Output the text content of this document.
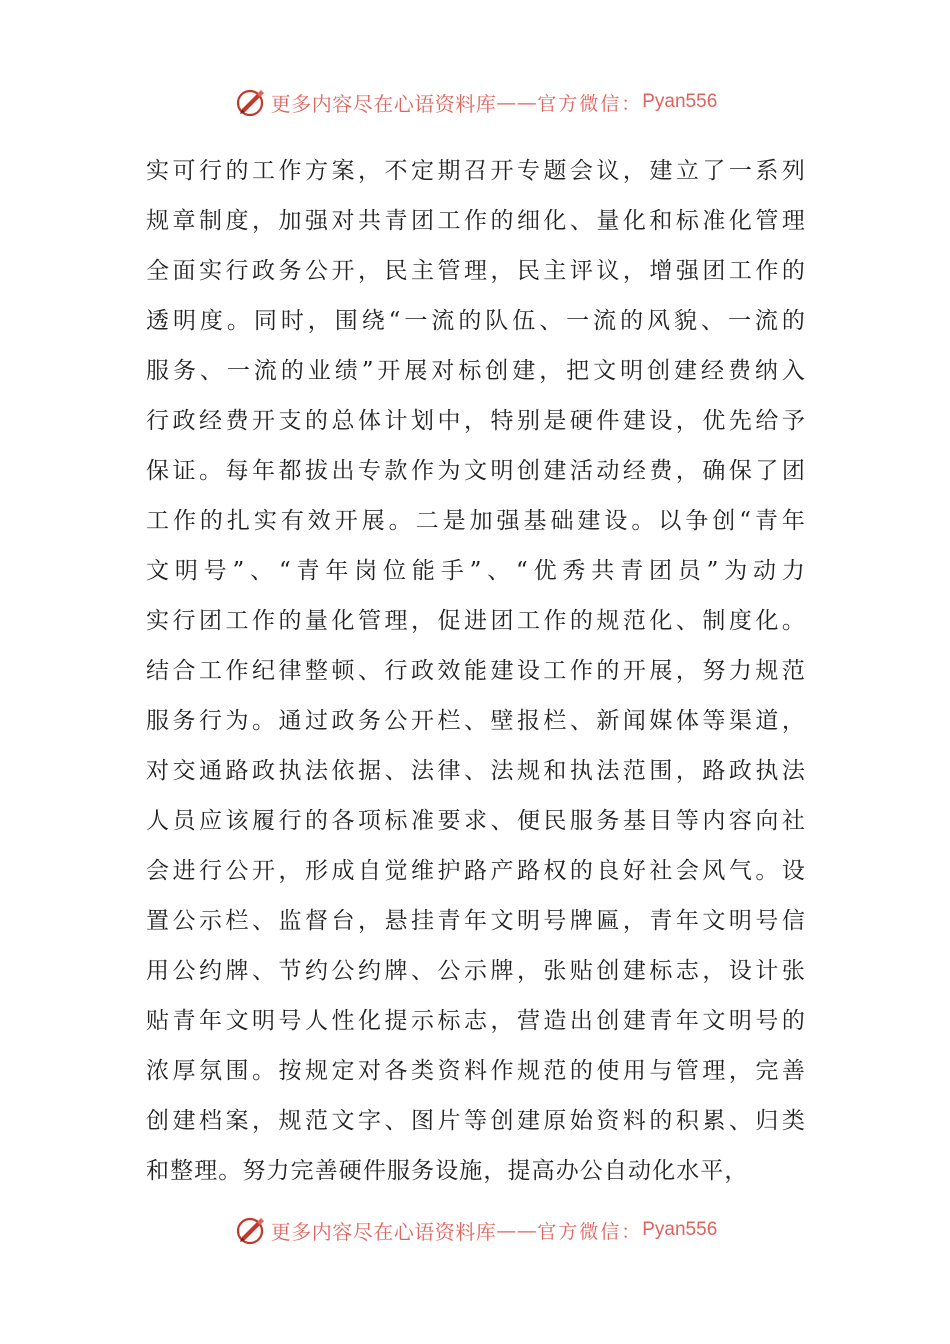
更多内容尽在心语资料库 —— 官方微信： Pyan556
实可行的工作方案，不定期召开专题会议，建立了一系列
规章制度，加强对共青团工作的细化、量化和标准化管理
全面实行政务公开，民主管理，民主评议，增强团工作的
透明度。同时，围绕“一流的队伍、一流的风貌、一流的
服务、一流的业绩”开展对标创建，把文明创建经费纳入
行政经费开支的总体计划中，特别是硬件建设，优先给予
保证。每年都拔出专款作为文明创建活动经费，确保了团
工作的扎实有效开展。二是加强基础建设。以争创“青年
文明号”、“青年岗位能手”、“优秀共青团员”为动力
实行团工作的量化管理，促进团工作的规范化、制度化。
结合工作纪律整顿、行政效能建设工作的开展，努力规范
服务行为。通过政务公开栏、壁报栏、新闻媒体等渠道，
对交通路政执法依据、法律、法规和执法范围，路政执法
人员应该履行的各项标准要求、便民服务基目等内容向社
会进行公开，形成自觉维护路产路权的良好社会风气。设
置公示栏、监督台，悬挂青年文明号牌匾，青年文明号信
用公约牌、节约公约牌、公示牌，张贴创建标志，设计张
贴青年文明号人性化提示标志，营造出创建青年文明号的
浓厚氛围。按规定对各类资料作规范的使用与管理，完善
创建档案，规范文字、图片等创建原始资料的积累、归类
和整理。努力完善硬件服务设施，提高办公自动化水平，
更多内容尽在心语资料库 —— 官方微信： Pyan556
